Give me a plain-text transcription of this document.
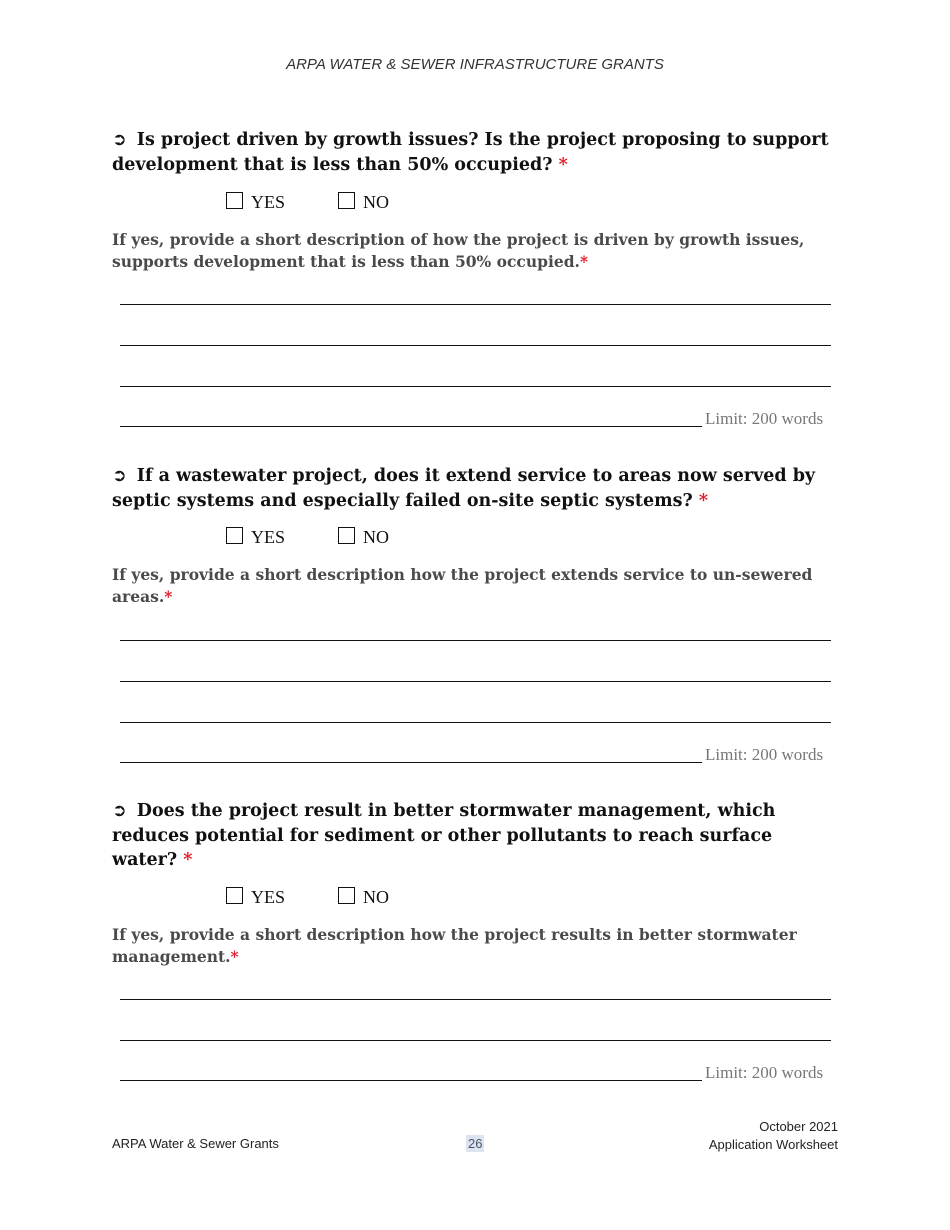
ARPA WATER & SEWER INFRASTRUCTURE GRANTS
➲ Is project driven by growth issues? Is the project proposing to support development that is less than 50% occupied? *
YES	NO
If yes, provide a short description of how the project is driven by growth issues, supports development that is less than 50% occupied.*
Limit: 200 words
➲ If a wastewater project, does it extend service to areas now served by septic systems and especially failed on-site septic systems? *
YES	NO
If yes, provide a short description how the project extends service to un-sewered areas.*
Limit: 200 words
➲ Does the project result in better stormwater management, which reduces potential for sediment or other pollutants to reach surface water? *
YES	NO
If yes, provide a short description how the project results in better stormwater management.*
Limit: 200 words
ARPA Water & Sewer Grants	26
October 2021
Application Worksheet
